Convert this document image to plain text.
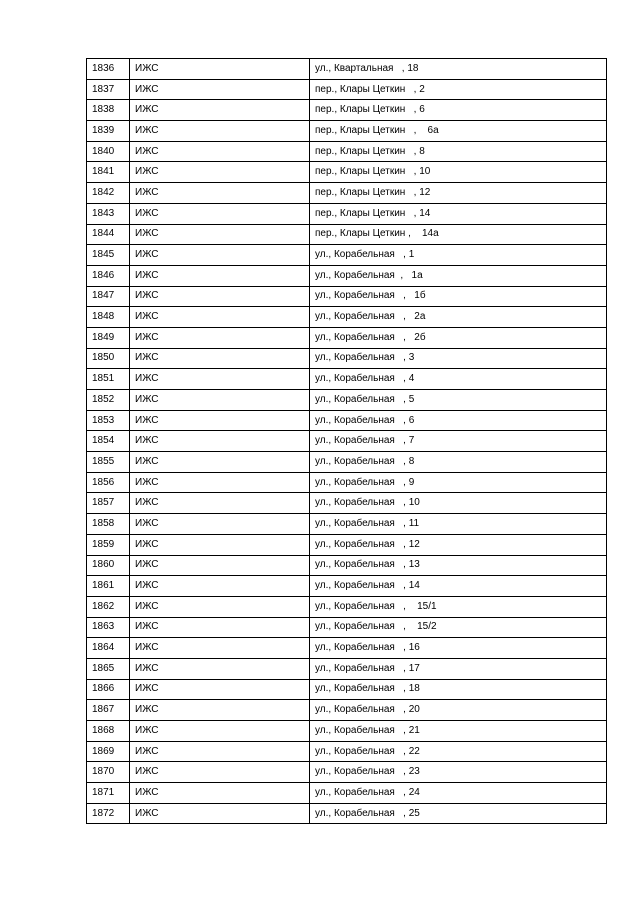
1836	ИЖС	ул., Квартальная   , 18
1837	ИЖС	пер., Клары Цеткин   , 2
1838	ИЖС	пер., Клары Цеткин   , 6
1839	ИЖС	пер., Клары Цеткин   ,    6а
1840	ИЖС	пер., Клары Цеткин   , 8
1841	ИЖС	пер., Клары Цеткин   , 10
1842	ИЖС	пер., Клары Цеткин   , 12
1843	ИЖС	пер., Клары Цеткин   , 14
1844	ИЖС	пер., Клары Цеткин ,    14а
1845	ИЖС	ул., Корабельная   , 1
1846	ИЖС	ул., Корабельная  ,   1а
1847	ИЖС	ул., Корабельная   ,   1б
1848	ИЖС	ул., Корабельная   ,   2а
1849	ИЖС	ул., Корабельная   ,   2б
1850	ИЖС	ул., Корабельная   , 3
1851	ИЖС	ул., Корабельная   , 4
1852	ИЖС	ул., Корабельная   , 5
1853	ИЖС	ул., Корабельная   , 6
1854	ИЖС	ул., Корабельная   , 7
1855	ИЖС	ул., Корабельная   , 8
1856	ИЖС	ул., Корабельная   , 9
1857	ИЖС	ул., Корабельная   , 10
1858	ИЖС	ул., Корабельная   , 11
1859	ИЖС	ул., Корабельная   , 12
1860	ИЖС	ул., Корабельная   , 13
1861	ИЖС	ул., Корабельная   , 14
1862	ИЖС	ул., Корабельная   ,    15/1
1863	ИЖС	ул., Корабельная   ,    15/2
1864	ИЖС	ул., Корабельная   , 16
1865	ИЖС	ул., Корабельная   , 17
1866	ИЖС	ул., Корабельная   , 18
1867	ИЖС	ул., Корабельная   , 20
1868	ИЖС	ул., Корабельная   , 21
1869	ИЖС	ул., Корабельная   , 22
1870	ИЖС	ул., Корабельная   , 23
1871	ИЖС	ул., Корабельная   , 24
1872	ИЖС	ул., Корабельная   , 25
